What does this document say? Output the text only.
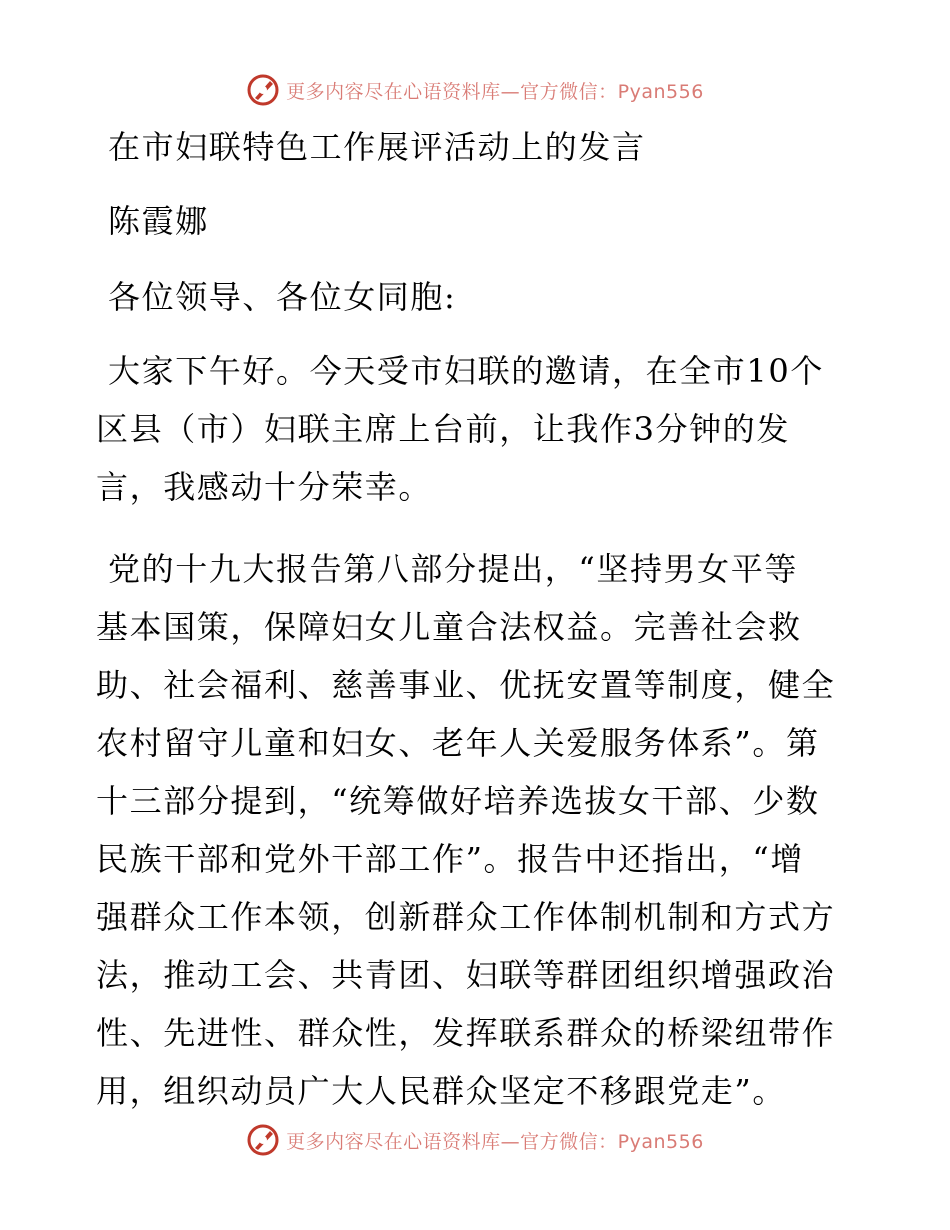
更多内容尽在心语资料库—官方微信：Pyan556
在市妇联特色工作展评活动上的发言
陈霞娜
各位领导、各位女同胞:
大家下午好。今天受市妇联的邀请，在全市10个
区县（市）妇联主席上台前，让我作3分钟的发
言，我感动十分荣幸。
党的十九大报告第八部分提出，“坚持男女平等
基本国策，保障妇女儿童合法权益。完善社会救
助、社会福利、慈善事业、优抚安置等制度，健全
农村留守儿童和妇女、老年人关爱服务体系”。第
十三部分提到，“统筹做好培养选拔女干部、少数
民族干部和党外干部工作”。报告中还指出，“增
强群众工作本领，创新群众工作体制机制和方式方
法，推动工会、共青团、妇联等群团组织增强政治
性、先进性、群众性，发挥联系群众的桥梁纽带作
用，组织动员广大人民群众坚定不移跟党走”。
更多内容尽在心语资料库—官方微信：Pyan556
